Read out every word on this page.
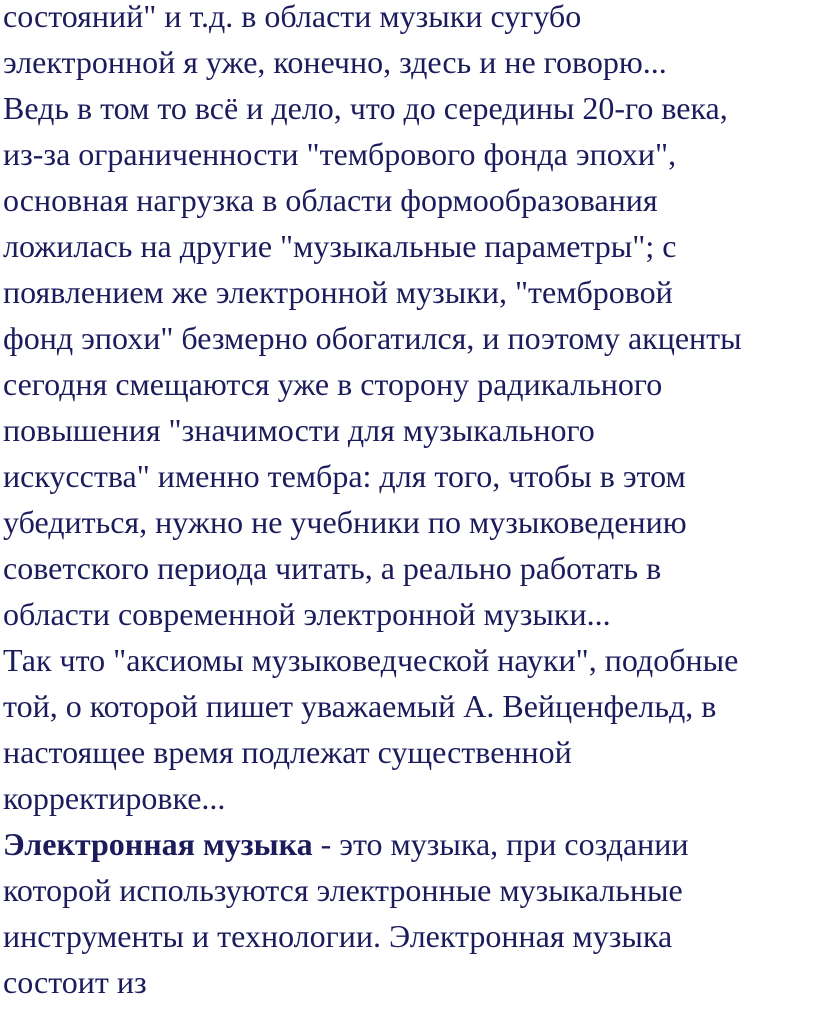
состояний" и т.д. в области музыки сугубо
электронной я уже, конечно, здесь и не говорю...
Ведь в том то всё и дело, что до середины 20-го века,
из-за ограниченности "тембрового фонда эпохи",
основная нагрузка в области формообразования
ложилась на другие "музыкальные параметры"; с
появлением же электронной музыки, "тембровой
фонд эпохи" безмерно обогатился, и поэтому акценты
сегодня смещаются уже в сторону радикального
повышения "значимости для музыкального
искусства" именно тембра: для того, чтобы в этом
убедиться, нужно не учебники по музыковедению
советского периода читать, а реально работать в
области современной электронной музыки...
Так что "аксиомы музыковедческой науки", подобные
той, о которой пишет уважаемый А. Вейценфельд, в
настоящее время подлежат существенной
корректировке...
Электронная музыка - это музыка, при создании
которой используются электронные музыкальные
инструменты и технологии. Электронная музыка
состоит из
